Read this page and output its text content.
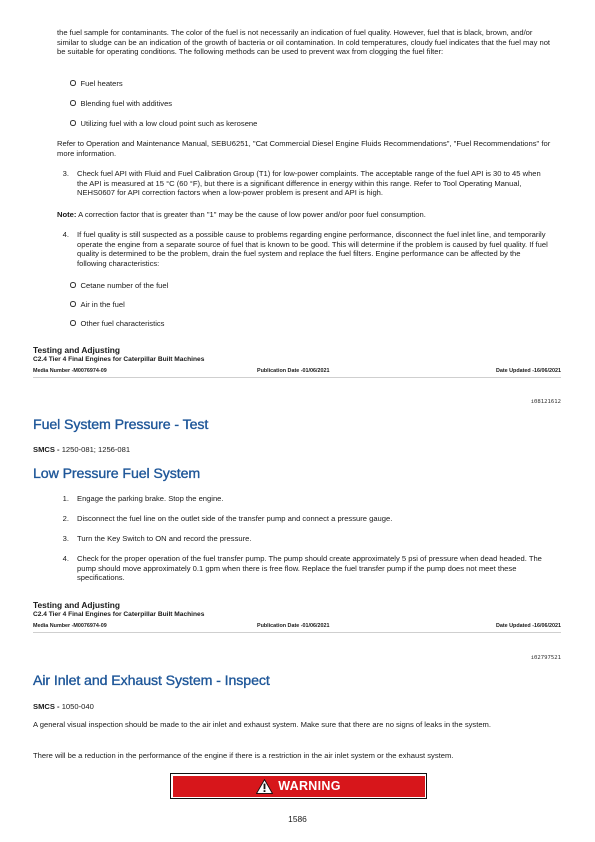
the fuel sample for contaminants. The color of the fuel is not necessarily an indication of fuel quality. However, fuel that is black, brown, and/or similar to sludge can be an indication of the growth of bacteria or oil contamination. In cold temperatures, cloudy fuel indicates that the fuel may not be suitable for operating conditions. The following methods can be used to prevent wax from clogging the fuel filter:

Fuel heaters
Blending fuel with additives
Utilizing fuel with a low cloud point such as kerosene

Refer to Operation and Maintenance Manual, SEBU6251, "Cat Commercial Diesel Engine Fluids Recommendations", "Fuel Recommendations" for more information.

3. Check fuel API with Fluid and Fuel Calibration Group (T1) for low-power complaints. The acceptable range of the fuel API is 30 to 45 when the API is measured at 15 °C (60 °F), but there is a significant difference in energy within this range. Refer to Tool Operating Manual, NEHS0607 for API correction factors when a low-power problem is present and API is high.

Note: A correction factor that is greater than "1" may be the cause of low power and/or poor fuel consumption.

4. If fuel quality is still suspected as a possible cause to problems regarding engine performance, disconnect the fuel inlet line, and temporarily operate the engine from a separate source of fuel that is known to be good. This will determine if the problem is caused by fuel quality. If fuel quality is determined to be the problem, drain the fuel system and replace the fuel filters. Engine performance can be affected by the following characteristics:
Cetane number of the fuel
Air in the fuel
Other fuel characteristics
Testing and Adjusting
C2.4 Tier 4 Final Engines for Caterpillar Built Machines
Media Number -M0076974-09	Publication Date -01/06/2021	Date Updated -16/06/2021
i08121612
Fuel System Pressure - Test
SMCS - 1250-081; 1256-081
Low Pressure Fuel System
1. Engage the parking brake. Stop the engine.
2. Disconnect the fuel line on the outlet side of the transfer pump and connect a pressure gauge.
3. Turn the Key Switch to ON and record the pressure.
4. Check for the proper operation of the fuel transfer pump. The pump should create approximately 5 psi of pressure when dead headed. The pump should move approximately 0.1 gpm when there is free flow. Replace the fuel transfer pump if the pump does not meet these specifications.
Testing and Adjusting
C2.4 Tier 4 Final Engines for Caterpillar Built Machines
Media Number -M0076974-09	Publication Date -01/06/2021	Date Updated -16/06/2021
i02797521
Air Inlet and Exhaust System - Inspect
SMCS - 1050-040

A general visual inspection should be made to the air inlet and exhaust system. Make sure that there are no signs of leaks in the system.

There will be a reduction in the performance of the engine if there is a restriction in the air inlet system or the exhaust system.

WARNING
1586
